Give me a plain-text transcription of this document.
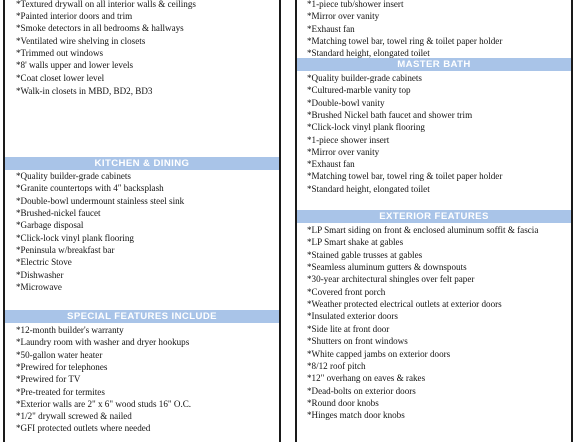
*Textured drywall on all interior walls & ceilings
*Painted interior doors and trim
*Smoke detectors in all bedrooms & hallways
*Ventilated wire shelving in closets
*Trimmed out windows
*8' walls upper and lower levels
*Coat closet lower level
*Walk-in closets in MBD, BD2, BD3
KITCHEN & DINING
*Quality builder-grade cabinets
*Granite countertops with 4" backsplash
*Double-bowl undermount stainless steel sink
*Brushed-nickel faucet
*Garbage disposal
*Click-lock vinyl plank flooring
*Peninsula w/breakfast bar
*Electric Stove
*Dishwasher
*Microwave
SPECIAL FEATURES INCLUDE
*12-month builder's warranty
*Laundry room with washer and dryer hookups
*50-gallon water heater
*Prewired for telephones
*Prewired for TV
*Pre-treated for termites
*Exterior walls are 2" x 6" wood studs 16" O.C.
*1/2" drywall screwed & nailed
*GFI protected outlets where needed
*1-piece tub/shower insert
*Mirror over vanity
*Exhaust fan
*Matching towel bar, towel ring & toilet paper holder
*Standard height, elongated toilet
MASTER BATH
*Quality builder-grade cabinets
*Cultured-marble vanity top
*Double-bowl vanity
*Brushed Nickel bath faucet and shower trim
*Click-lock vinyl plank flooring
*1-piece shower insert
*Mirror over vanity
*Exhaust fan
*Matching towel bar, towel ring & toilet paper holder
*Standard height, elongated toilet
EXTERIOR FEATURES
*LP Smart siding on front & enclosed aluminum soffit & fascia
*LP Smart shake at gables
*Stained gable trusses at gables
*Seamless aluminum gutters & downspouts
*30-year architectural shingles over felt paper
*Covered front porch
*Weather protected electrical outlets at exterior doors
*Insulated exterior doors
*Side lite at front door
*Shutters on front windows
*White capped jambs on exterior doors
*8/12 roof pitch
*12" overhang on eaves & rakes
*Dead-bolts on exterior doors
*Round door knobs
*Hinges match door knobs
